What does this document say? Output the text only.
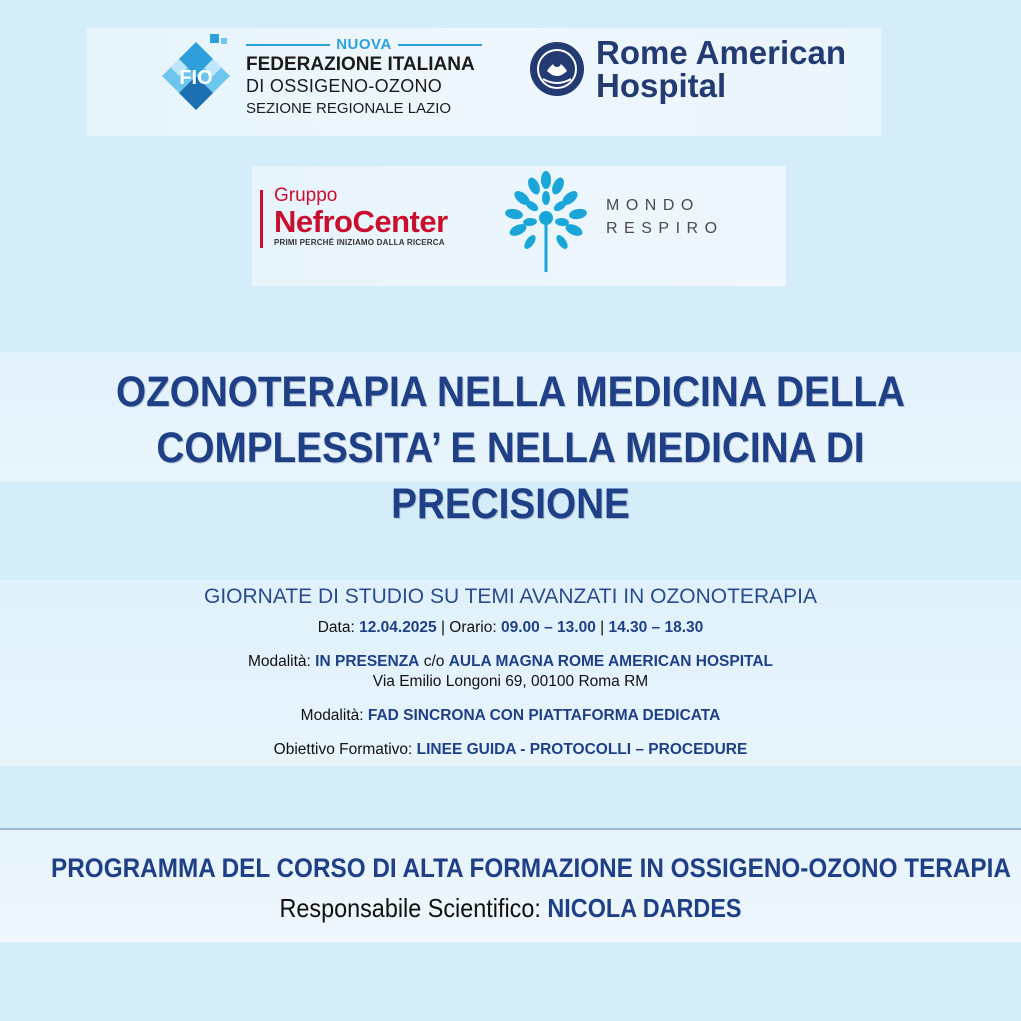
FIO
NUOVA
FEDERAZIONE ITALIANA
DI OSSIGENO-OZONO
SEZIONE REGIONALE LAZIO
Rome American
Hospital
Gruppo
NefroCenter
PRIMI PERCHÉ INIZIAMO DALLA RICERCA
MONDO
RESPIRO
OZONOTERAPIA NELLA MEDICINA DELLA
COMPLESSITA’ E NELLA MEDICINA DI PRECISIONE
GIORNATE DI STUDIO SU TEMI AVANZATI IN OZONOTERAPIA
Data: 12.04.2025 | Orario: 09.00 – 13.00 | 14.30 – 18.30
Modalità: IN PRESENZA c/o AULA MAGNA ROME AMERICAN HOSPITAL
Via Emilio Longoni 69, 00100 Roma RM
Modalità: FAD SINCRONA CON PIATTAFORMA DEDICATA
Obiettivo Formativo: LINEE GUIDA - PROTOCOLLI – PROCEDURE
PROGRAMMA DEL CORSO DI ALTA FORMAZIONE IN OSSIGENO-OZONO TERAPIA
Responsabile Scientifico: NICOLA DARDES
